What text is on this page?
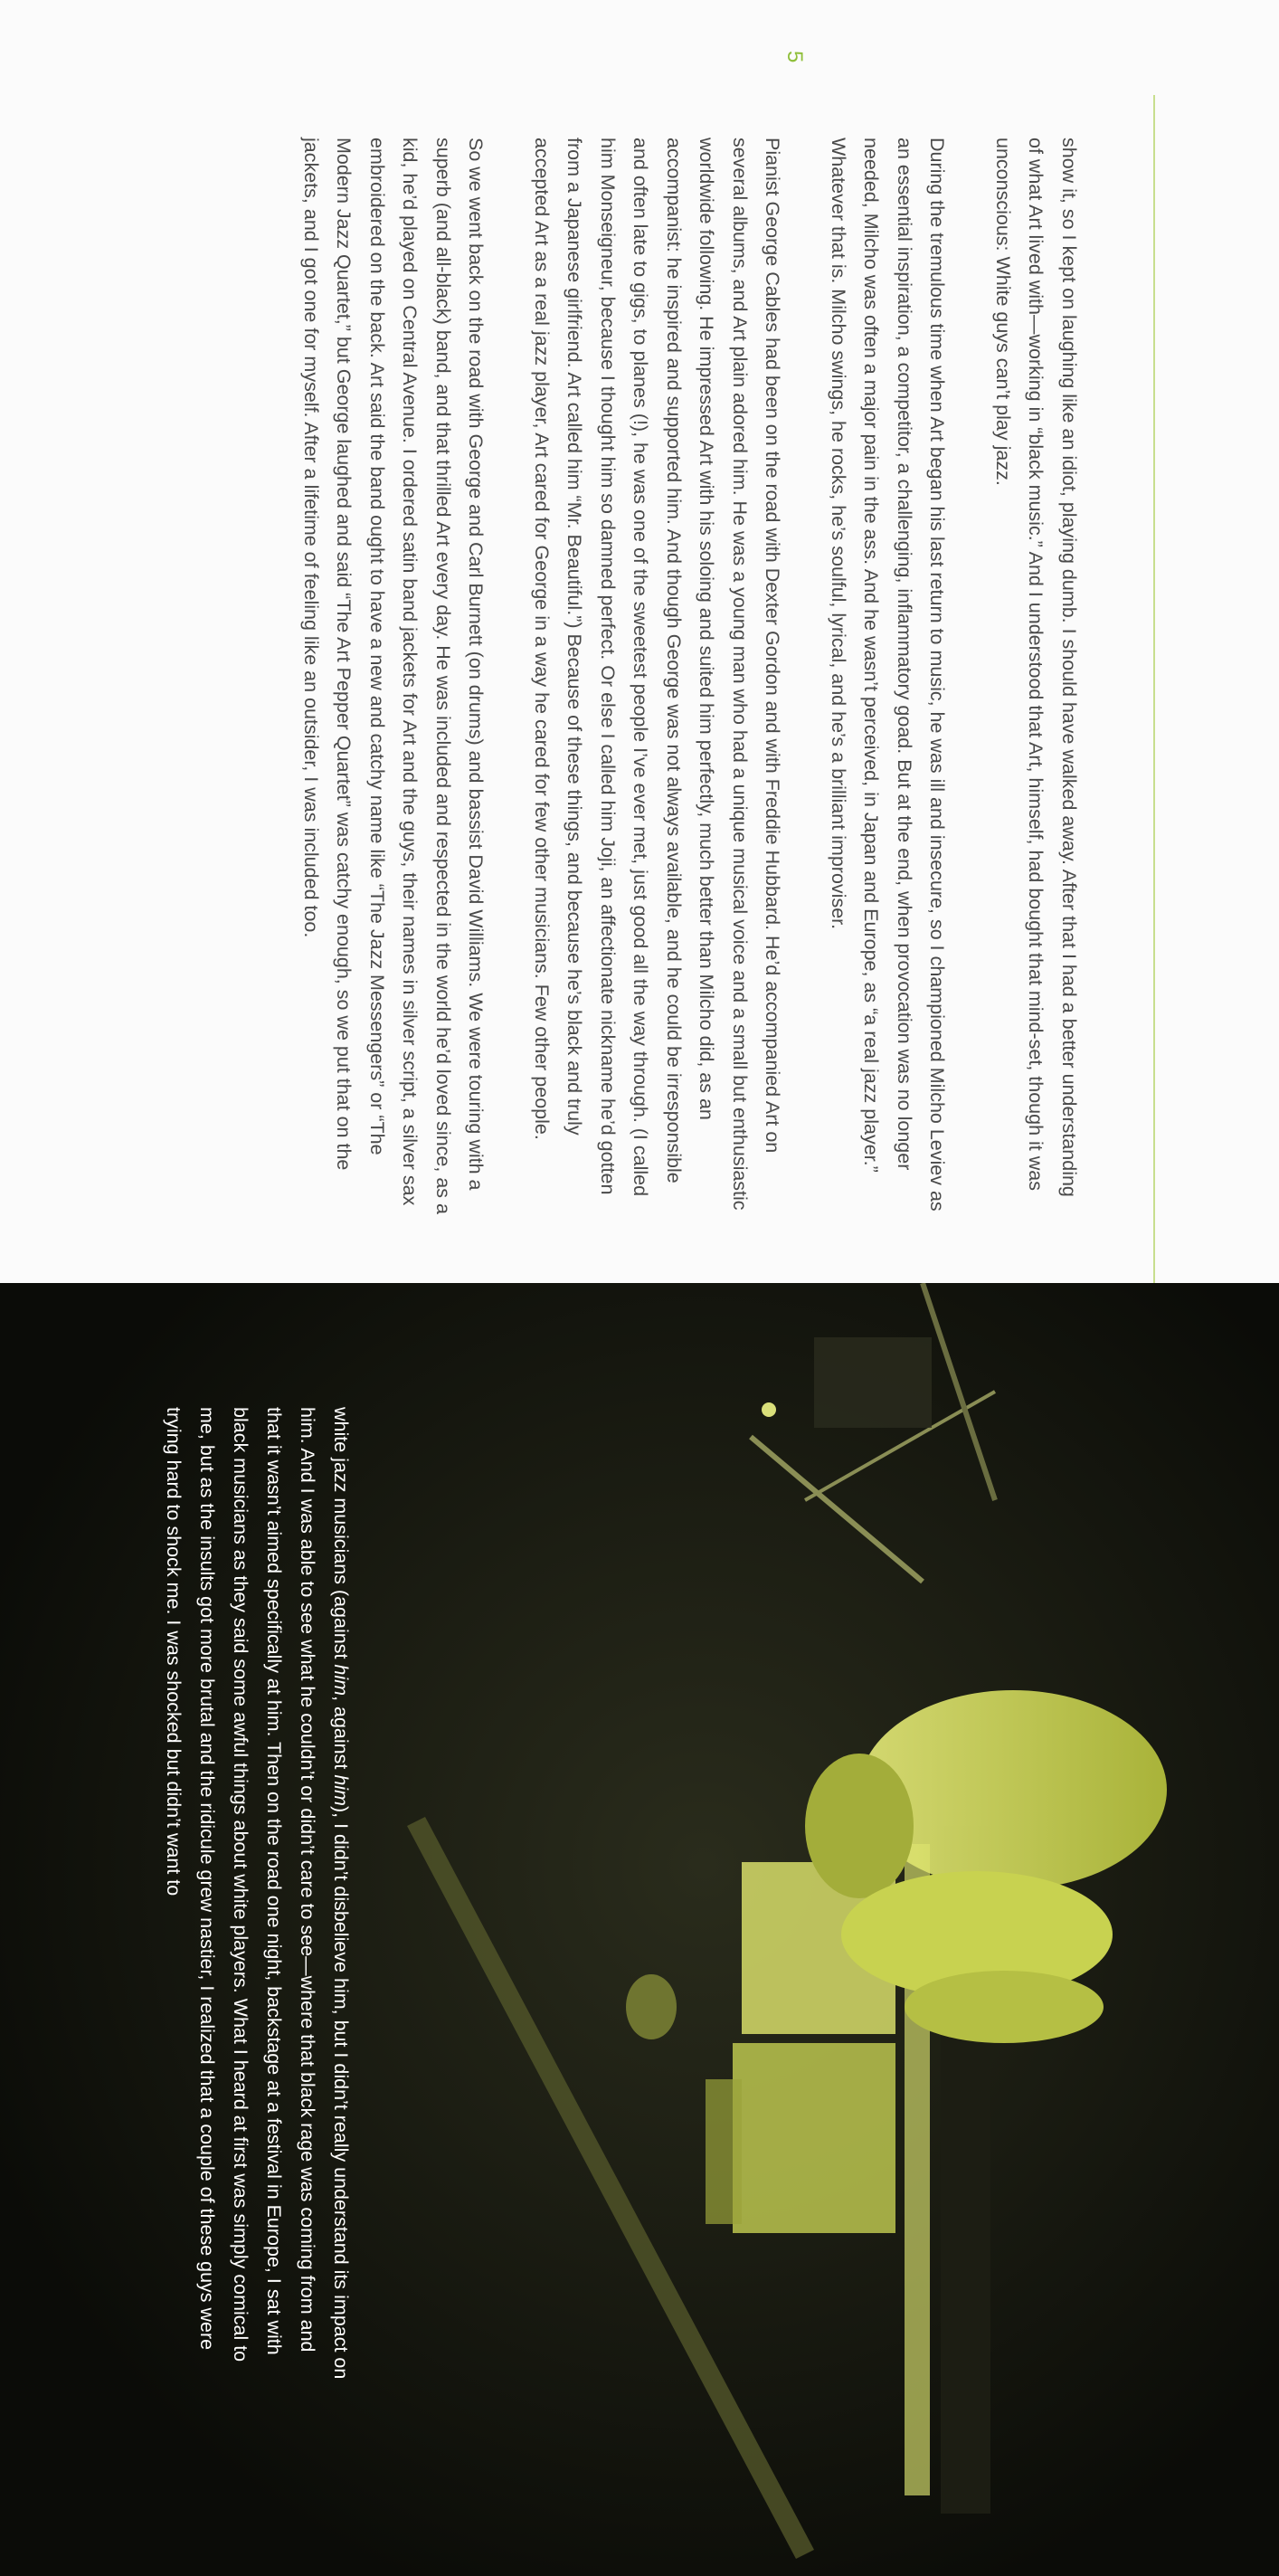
5

show it, so I kept on laughing like an idiot, playing dumb. I should have walked away. After that I had a better understanding of what Art lived with—working in “black music.” And I understood that Art, himself, had bought that mind-set, though it was unconscious: White guys can’t play jazz.

During the tremulous time when Art began his last return to music, he was ill and insecure, so I championed Milcho Leviev as an essential inspiration, a competitor, a challenging, inflammatory goad. But at the end, when provocation was no longer needed, Milcho was often a major pain in the ass. And he wasn’t perceived, in Japan and Europe, as “a real jazz player.” Whatever that is. Milcho swings, he rocks, he’s soulful, lyrical, and he’s a brilliant improviser.

Pianist George Cables had been on the road with Dexter Gordon and with Freddie Hubbard. He’d accompanied Art on several albums, and Art plain adored him. He was a young man who had a unique musical voice and a small but enthusiastic worldwide following. He impressed Art with his soloing and suited him perfectly, much better than Milcho did, as an accompanist: he inspired and supported him. And though George was not always available, and he could be irresponsible and often late to gigs, to planes (!), he was one of the sweetest people I’ve ever met, just good all the way through. (I called him Monseigneur, because I thought him so damned perfect. Or else I called him Joji, an affectionate nickname he’d gotten from a Japanese girlfriend. Art called him “Mr. Beautiful.”) Because of these things, and because he’s black and truly accepted Art as a real jazz player, Art cared for George in a way he cared for few other musicians. Few other people.

So we went back on the road with George and Carl Burnett (on drums) and bassist David Williams. We were touring with a superb (and all-black) band, and that thrilled Art every day. He was included and respected in the world he’d loved since, as a kid, he’d played on Central Avenue. I ordered satin band jackets for Art and the guys, their names in silver script, a silver sax embroidered on the back. Art said the band ought to have a new and catchy name like “The Jazz Messengers” or “The Modern Jazz Quartet,” but George laughed and said “The Art Pepper Quartet” was catchy enough, so we put that on the jackets, and I got one for myself. After a lifetime of feeling like an outsider, I was included too.

white jazz musicians (against him, against him), I didn’t disbelieve him, but I didn’t really understand its impact on him. And I was able to see what he couldn’t or didn’t care to see—where that black rage was coming from and that it wasn’t aimed specifically at him. Then on the road one night, backstage at a festival in Europe, I sat with black musicians as they said some awful things about white players. What I heard at first was simply comical to me, but as the insults got more brutal and the ridicule grew nastier, I realized that a couple of these guys were trying hard to shock me. I was shocked but didn’t want to
